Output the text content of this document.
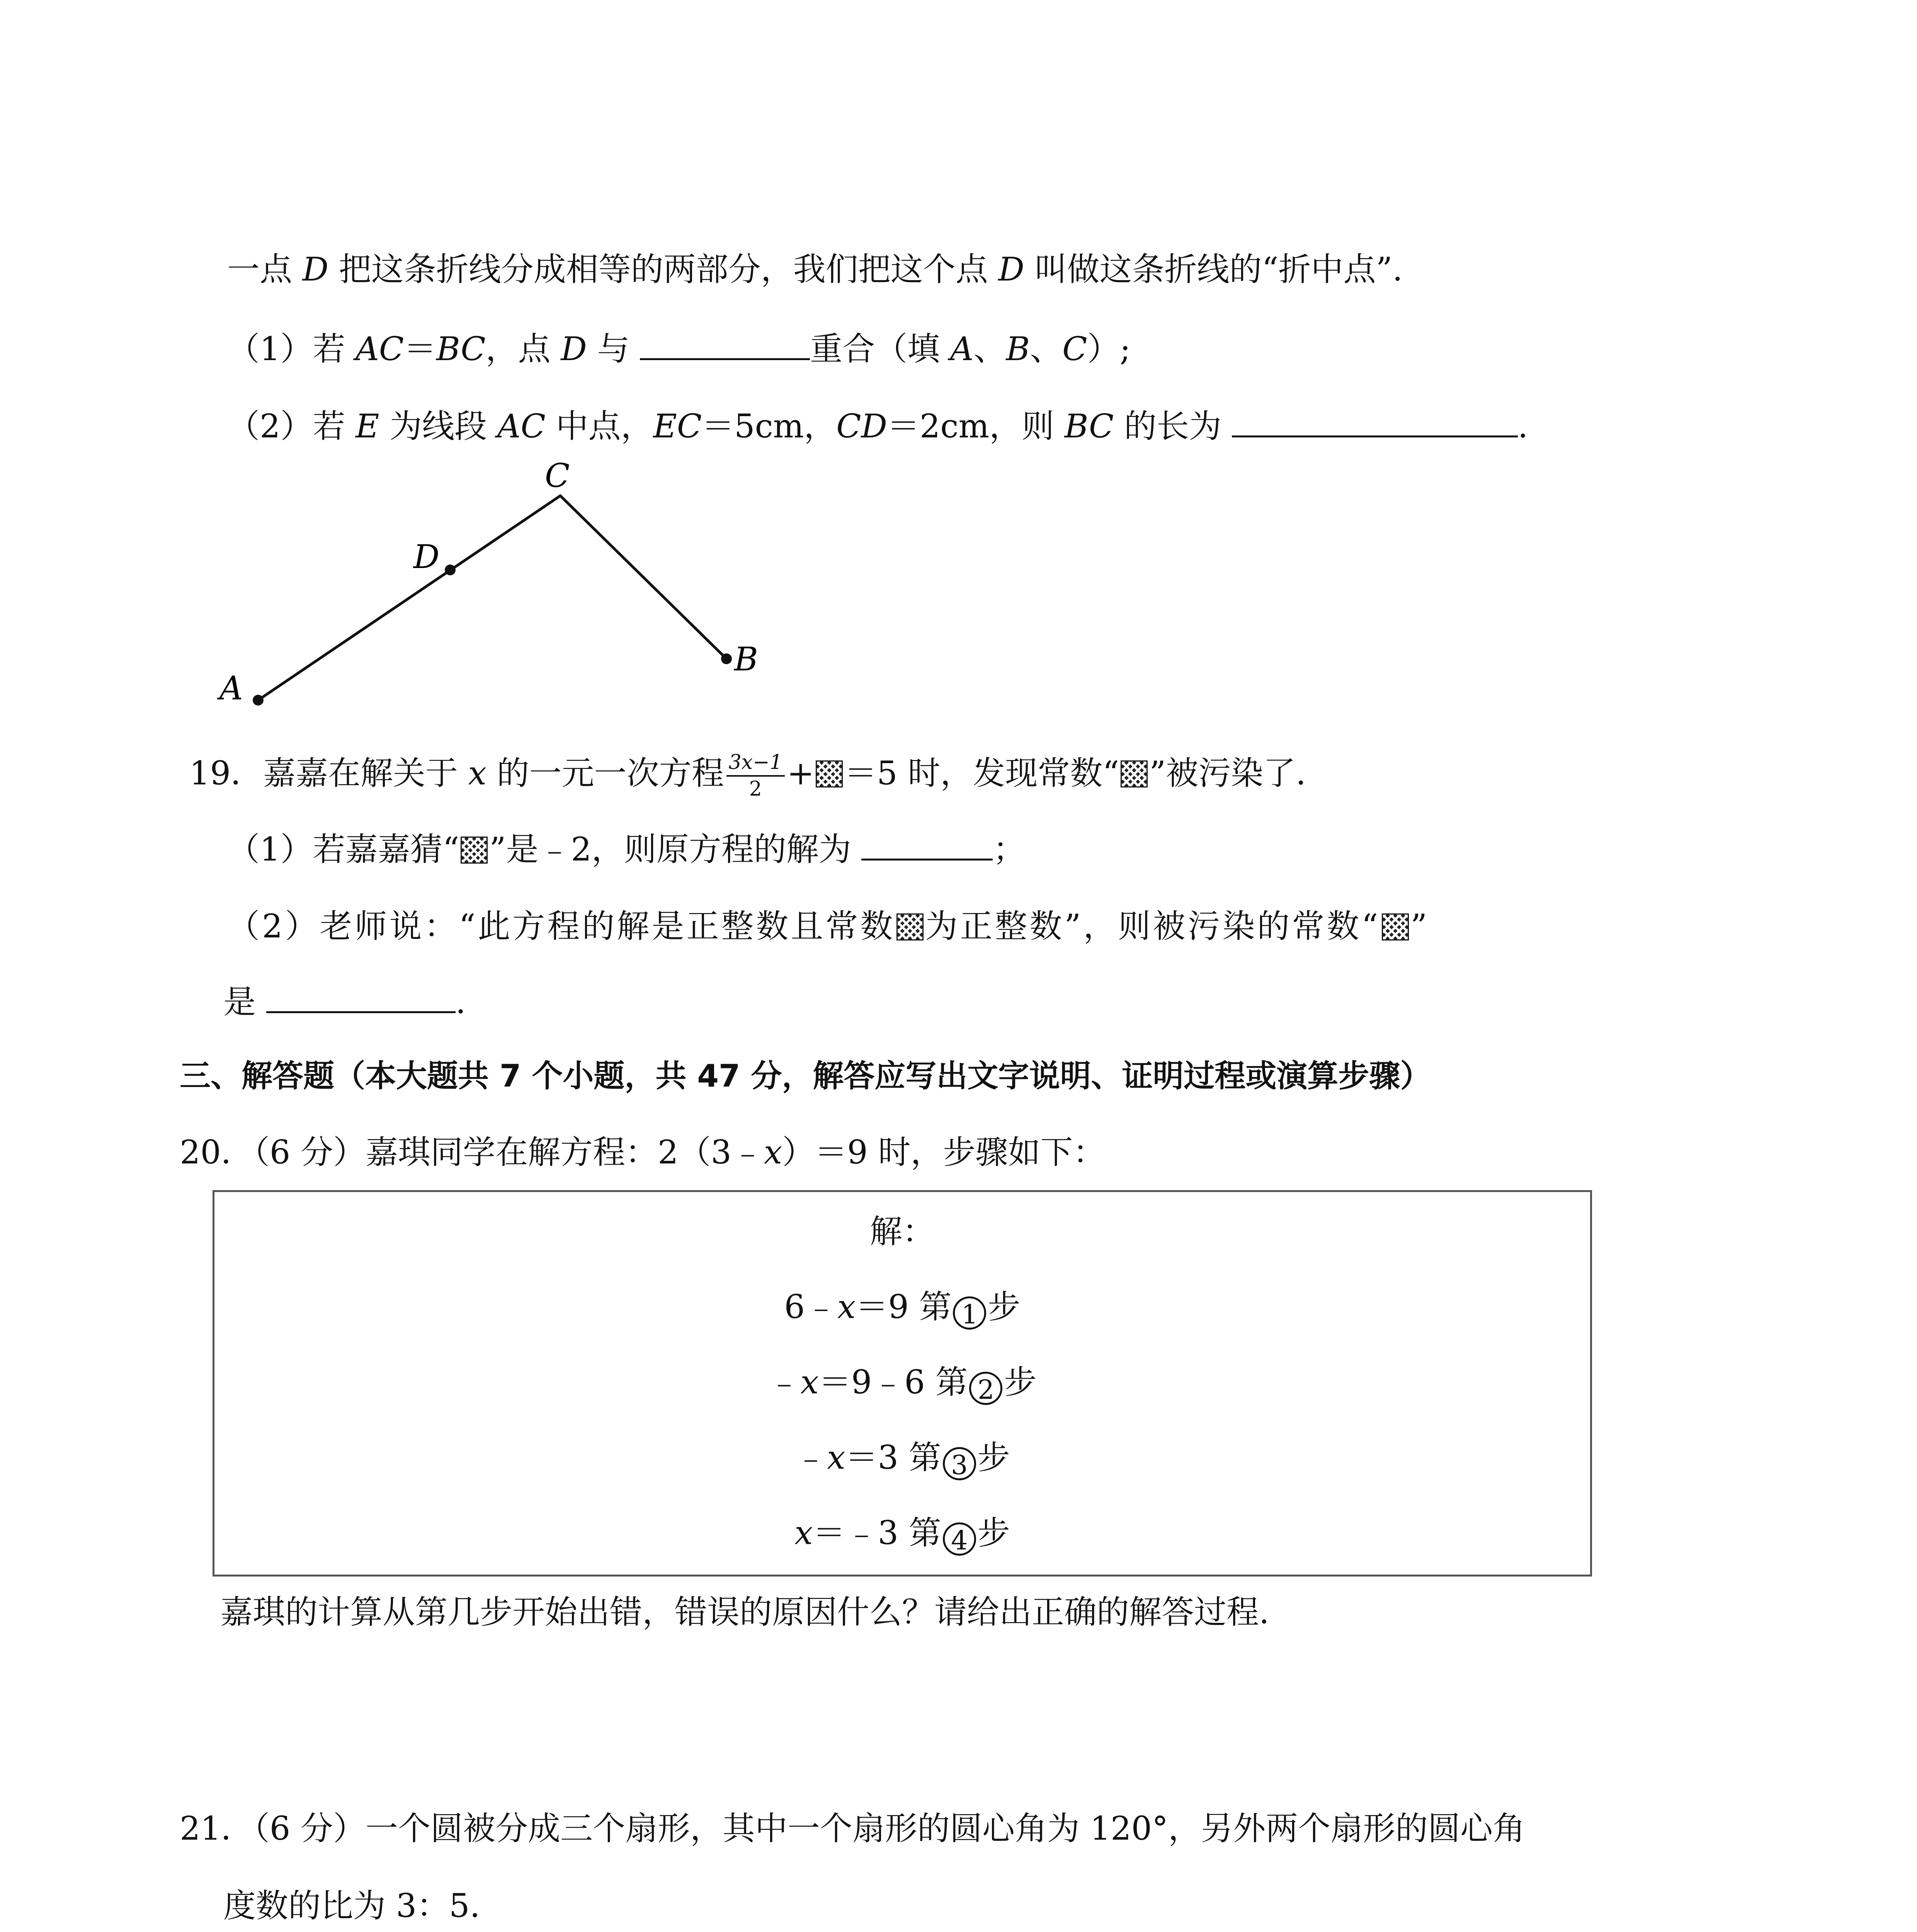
一点 D 把这条折线分成相等的两部分，我们把这个点 D 叫做这条折线的“折中点”.
（1）若 AC＝BC，点 D 与	重合（填 A、B、C）;
（2）若 E 为线段 AC 中点，EC＝5cm，CD＝2cm，则 BC 的长为	.
A
D
C
B
19．嘉嘉在解关于 x 的一元一次方程 $\frac{3x-1}{2} + =5$ 时，发现常数“ ”被污染了.
（1）若嘉嘉猜“ ”是﹣2，则原方程的解为	；
（2）老师说：“此方程的解是正整数且常数 为正整数”，则被污染的常数“ ”
是	.
三、解答题（本大题共 7 个小题，共 47 分，解答应写出文字说明、证明过程或演算步骤）
20．（6 分）嘉琪同学在解方程：2（3﹣x）＝9 时，步骤如下：
解：
6﹣x＝9 第 1 步
﹣x＝9﹣6 第 2 步
﹣x＝3 第 3 步
x＝﹣3 第 4 步
嘉琪的计算从第几步开始出错，错误的原因什么？请给出正确的解答过程.
21．（6 分）一个圆被分成三个扇形，其中一个扇形的圆心角为 120°，另外两个扇形的圆心角
度数的比为 3：5.
